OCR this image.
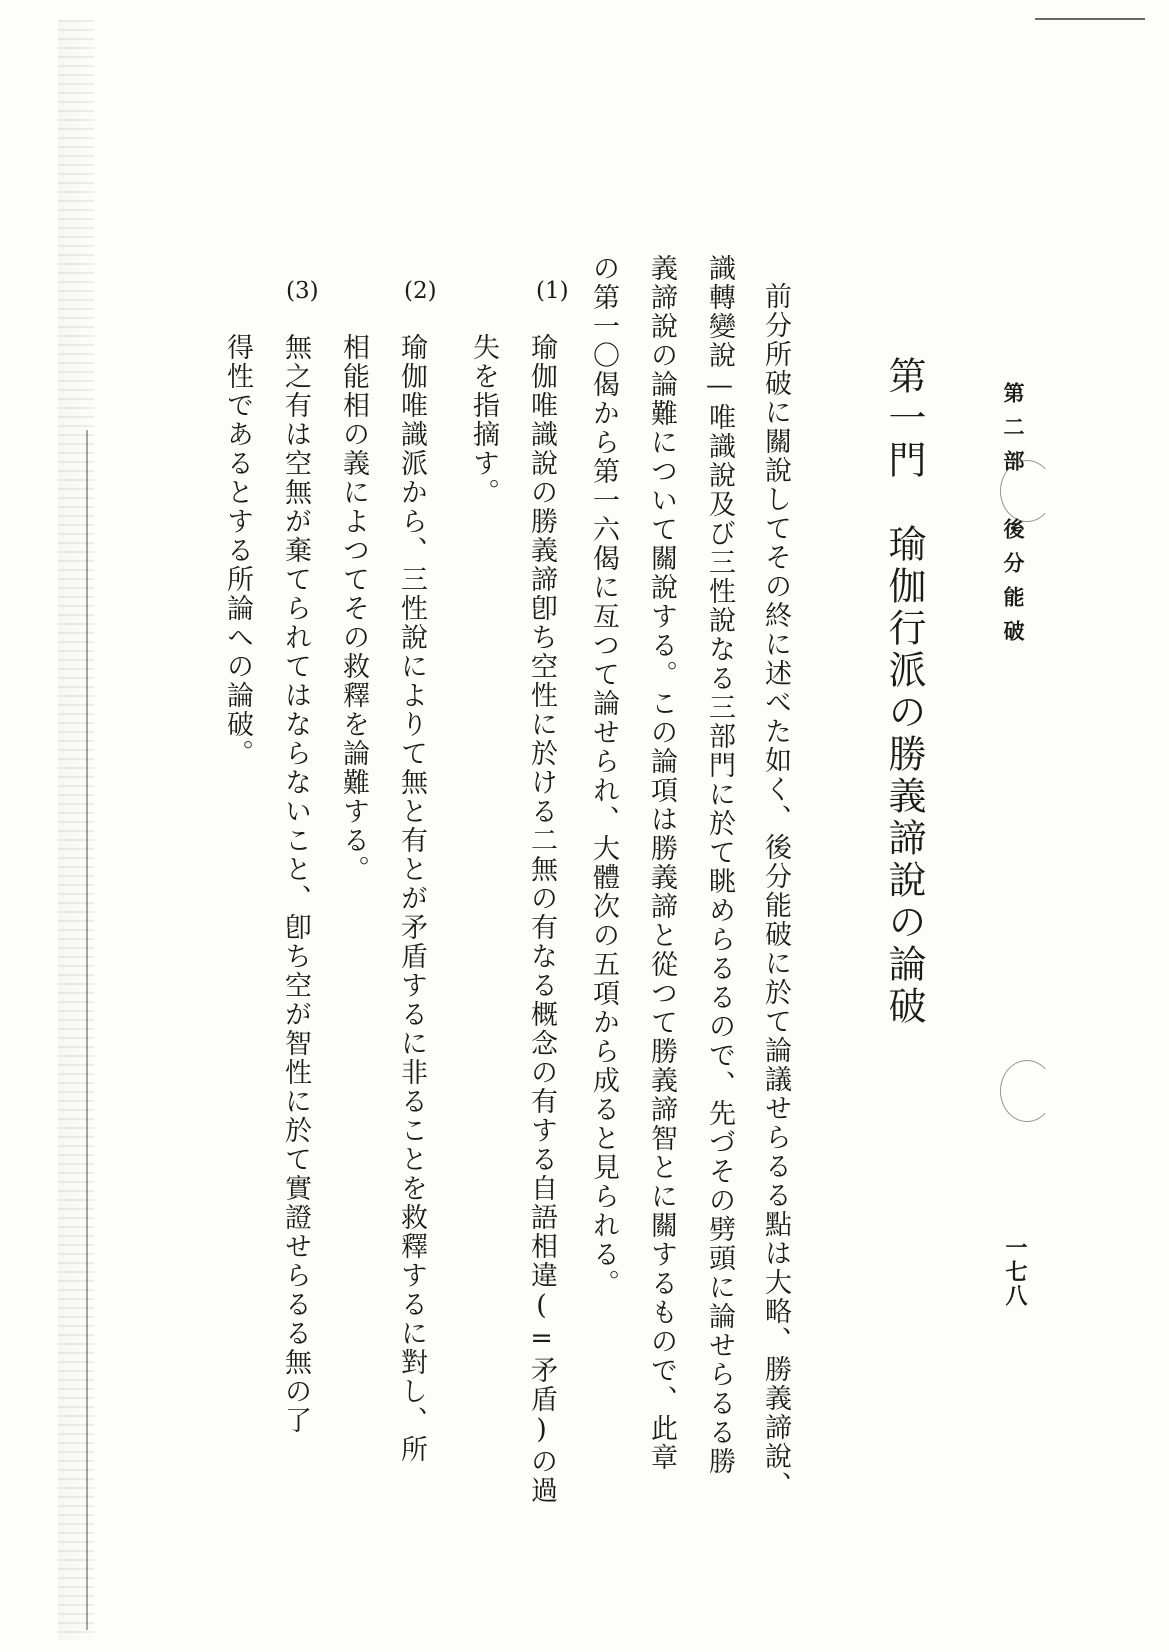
第二部　後分能破
一七八
第一門　瑜伽行派の勝義諦說の論破
前分所破に關說してその終に述べた如く、後分能破に於て論議せらるる點は大略、勝義諦說、
識轉變說—唯識說及び三性說なる三部門に於て眺めらるるので、先づその劈頭に論せらるる勝
義諦說の論難について關說する。この論項は勝義諦と從つて勝義諦智とに關するもので、此章
の第一〇偈から第一六偈に亙つて論せられ、大體次の五項から成ると見られる。
(1)
瑜伽唯識說の勝義諦卽ち空性に於ける二無の有なる概念の有する自語相違(=矛盾)の過
失を指摘す。
(2)
瑜伽唯識派から、三性說によりて無と有とが矛盾するに非ることを救釋するに對し、所
相能相の義によつてその救釋を論難する。
(3)
無之有は空無が棄てられてはならないこと、卽ち空が智性に於て實證せらるる無の了
得性であるとする所論への論破。
